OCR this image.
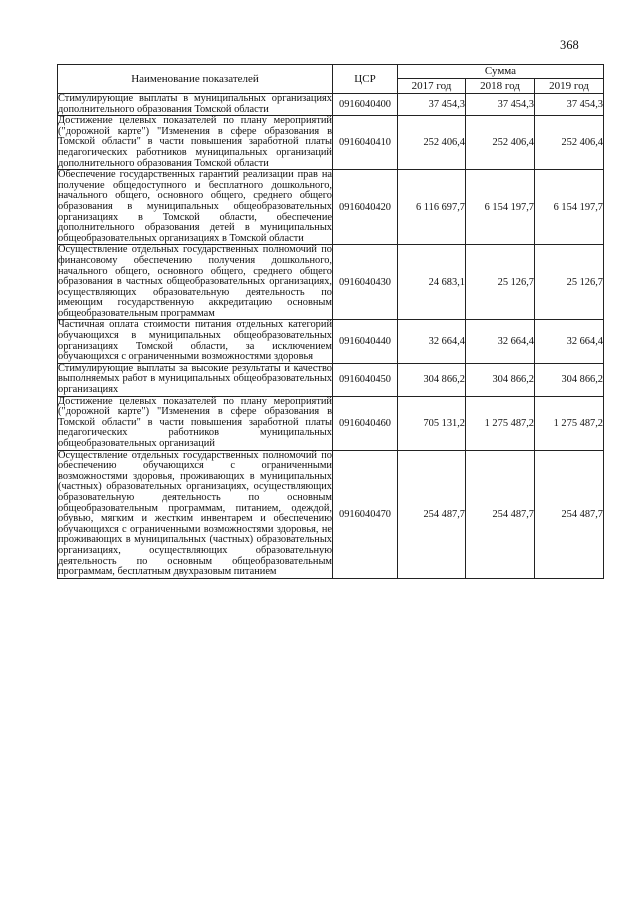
368
Наименование показателей	ЦСР	Сумма		
		2017 год	2018 год	2019 год
Стимулирующие выплаты в муниципальных организациях дополнительного образования Томской области	0916040400	37 454,3	37 454,3	37 454,3
Достижение целевых показателей по плану мероприятий ("дорожной карте") "Изменения в сфере образования в Томской области" в части повышения заработной платы педагогических работников муниципальных организаций дополнительного образования Томской области	0916040410	252 406,4	252 406,4	252 406,4
Обеспечение государственных гарантий реализации прав на получение общедоступного и бесплатного дошкольного, начального общего, основного общего, среднего общего образования в муниципальных общеобразовательных организациях в Томской области, обеспечение дополнительного образования детей в муниципальных общеобразовательных организациях в Томской области	0916040420	6 116 697,7	6 154 197,7	6 154 197,7
Осуществление отдельных государственных полномочий по финансовому обеспечению получения дошкольного, начального общего, основного общего, среднего общего образования в частных общеобразовательных организациях, осуществляющих образовательную деятельность по имеющим государственную аккредитацию основным общеобразовательным программам	0916040430	24 683,1	25 126,7	25 126,7
Частичная оплата стоимости питания отдельных категорий обучающихся в муниципальных общеобразовательных организациях Томской области, за исключением обучающихся с ограниченными возможностями здоровья	0916040440	32 664,4	32 664,4	32 664,4
Стимулирующие выплаты за высокие результаты и качество выполняемых работ в муниципальных общеобразовательных организациях	0916040450	304 866,2	304 866,2	304 866,2
Достижение целевых показателей по плану мероприятий ("дорожной карте") "Изменения в сфере образования в Томской области" в части повышения заработной платы педагогических работников муниципальных общеобразовательных организаций	0916040460	705 131,2	1 275 487,2	1 275 487,2
Осуществление отдельных государственных полномочий по обеспечению обучающихся с ограниченными возможностями здоровья, проживающих в муниципальных (частных) образовательных организациях, осуществляющих образовательную деятельность по основным общеобразовательным программам, питанием, одеждой, обувью, мягким и жестким инвентарем и обеспечению обучающихся с ограниченными возможностями здоровья, не проживающих в муниципальных (частных) образовательных организациях, осуществляющих образовательную деятельность по основным общеобразовательным программам, бесплатным двухразовым питанием	0916040470	254 487,7	254 487,7	254 487,7
